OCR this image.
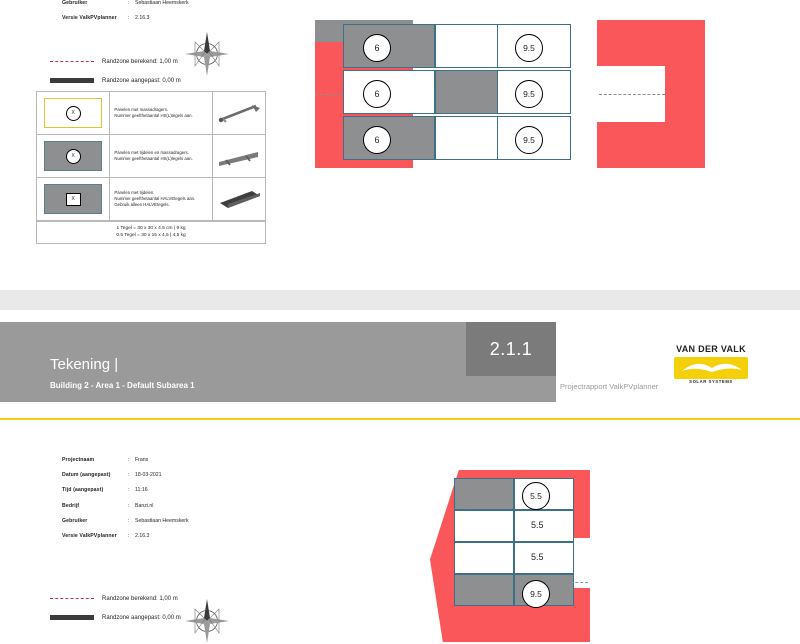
Gebruiker	:	Sebastiaan Heemskerk
Versie ValkPVplanner	:	2.16.3
Randzone berekend: 1,00 m
Randzone aangepast: 0,00 m
X
Panelen met massadragers.
Nummer geefthetaantal HS(L)tegels aan.
X
Panelen met tijdelen en massadragers.
Nummer geefthetaantal HS(L)tegels aan.
X
Panelen met tijdelen.
Nummer geefthetaantal HALVEtegels aan.
Gebruik alleen HALVEtegels.
1 Tegel = 30 x 30 x 4.5 cm | 9 kg
0.5 Tegel = 30 x 15 x 4,5 | 4,5 kg
6
6
6
9.5
9.5
9.5
2.1.1
Tekening |
Building 2 - Area 1 - Default Subarea 1	Projectrapport ValkPVplanner
VAN DER VALK
SOLAR SYSTEMS
Projectnaam	:	Frans
Datum (aangepast)	:	18-03-2021
Tijd (aangepast)	:	11:16
Bedrijf	:	Banzi.nl
Gebruiker	:	Sebastiaan Heemskerk
Versie ValkPVplanner	:	2.16.3
Randzone berekend: 1,00 m
Randzone aangepast: 0,00 m
5.5
5.5
5.5
9.5
